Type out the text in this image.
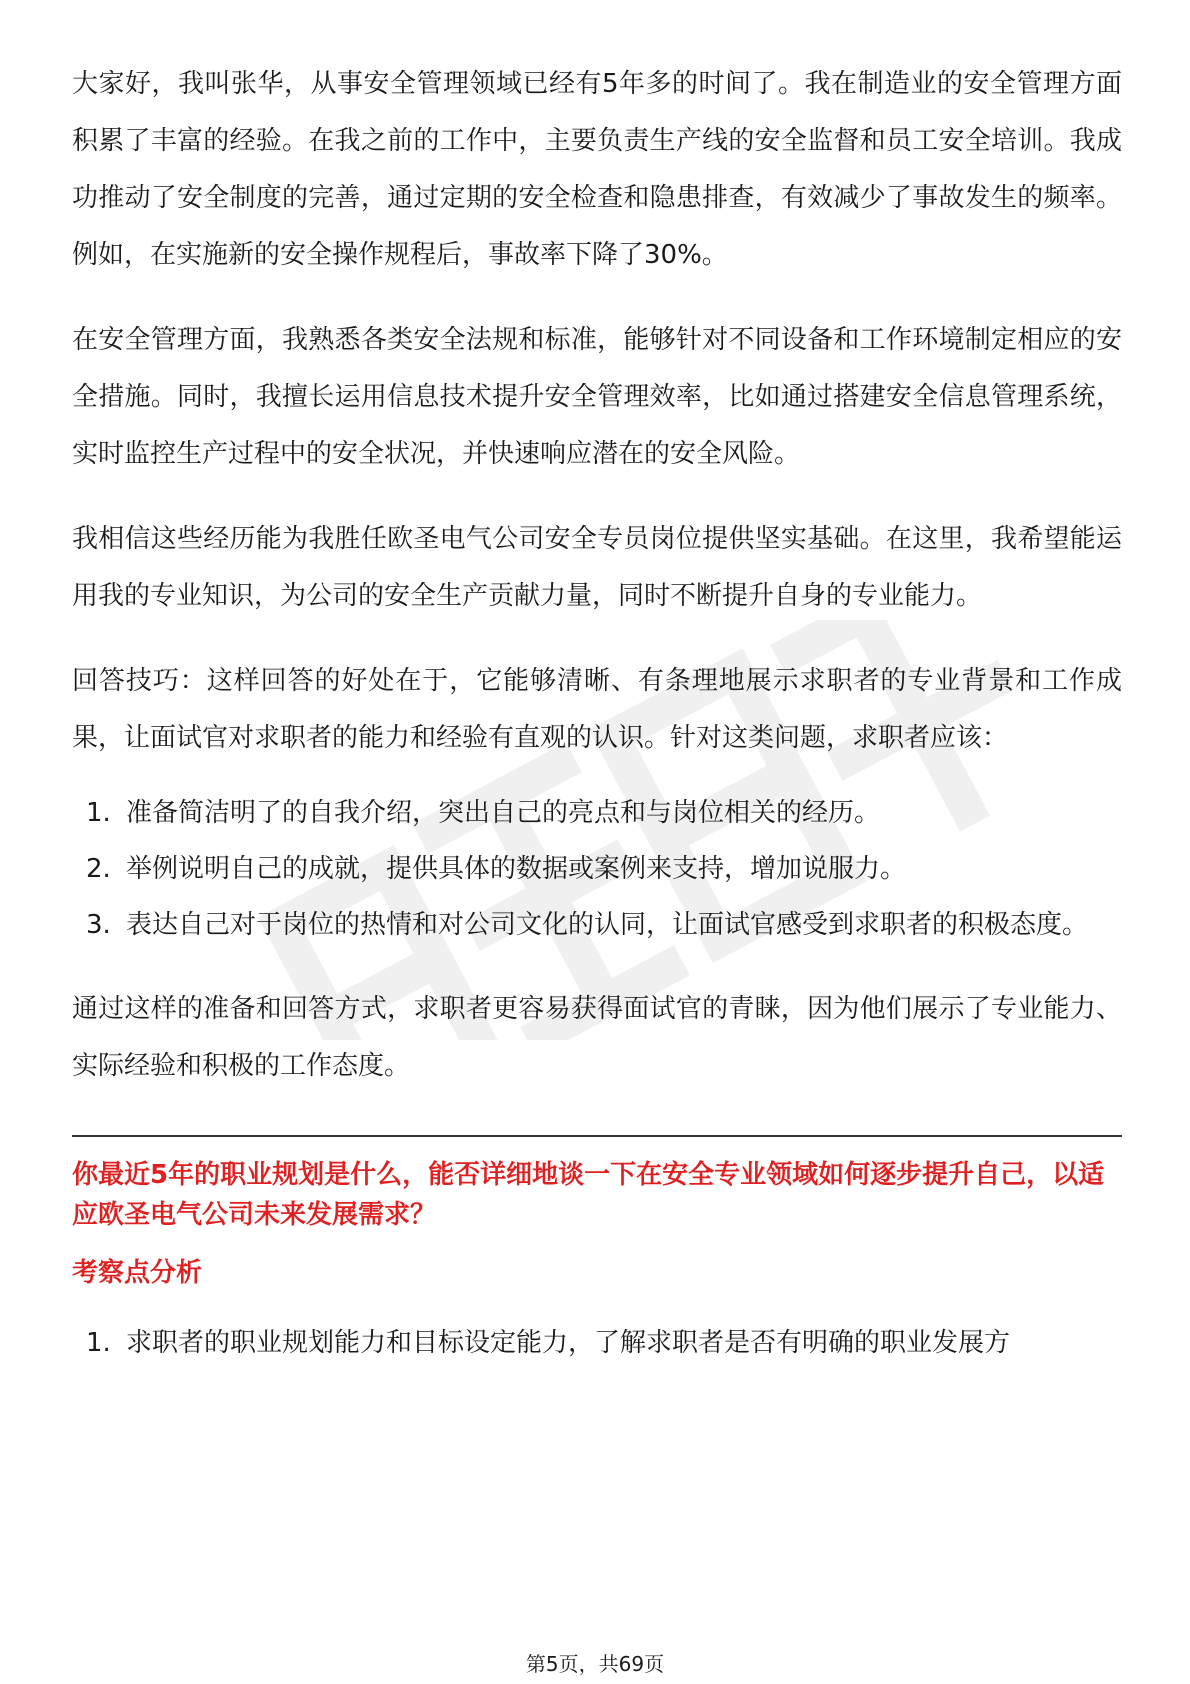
大家好，我叫张华，从事安全管理领域已经有5年多的时间了。我在制造业的安全管理方面积累了丰富的经验。在我之前的工作中，主要负责生产线的安全监督和员工安全培训。我成功推动了安全制度的完善，通过定期的安全检查和隐患排查，有效减少了事故发生的频率。例如，在实施新的安全操作规程后，事故率下降了30%。

在安全管理方面，我熟悉各类安全法规和标准，能够针对不同设备和工作环境制定相应的安全措施。同时，我擅长运用信息技术提升安全管理效率，比如通过搭建安全信息管理系统，实时监控生产过程中的安全状况，并快速响应潜在的安全风险。

我相信这些经历能为我胜任欧圣电气公司安全专员岗位提供坚实基础。在这里，我希望能运用我的专业知识，为公司的安全生产贡献力量，同时不断提升自身的专业能力。

回答技巧：这样回答的好处在于，它能够清晰、有条理地展示求职者的专业背景和工作成果，让面试官对求职者的能力和经验有直观的认识。针对这类问题，求职者应该：

1. 准备简洁明了的自我介绍，突出自己的亮点和与岗位相关的经历。
2. 举例说明自己的成就，提供具体的数据或案例来支持，增加说服力。
3. 表达自己对于岗位的热情和对公司文化的认同，让面试官感受到求职者的积极态度。

通过这样的准备和回答方式，求职者更容易获得面试官的青睐，因为他们展示了专业能力、实际经验和积极的工作态度。

你最近5年的职业规划是什么，能否详细地谈一下在安全专业领域如何逐步提升自己，以适应欧圣电气公司未来发展需求？

考察点分析

1. 求职者的职业规划能力和目标设定能力，了解求职者是否有明确的职业发展方
第5页，共69页
